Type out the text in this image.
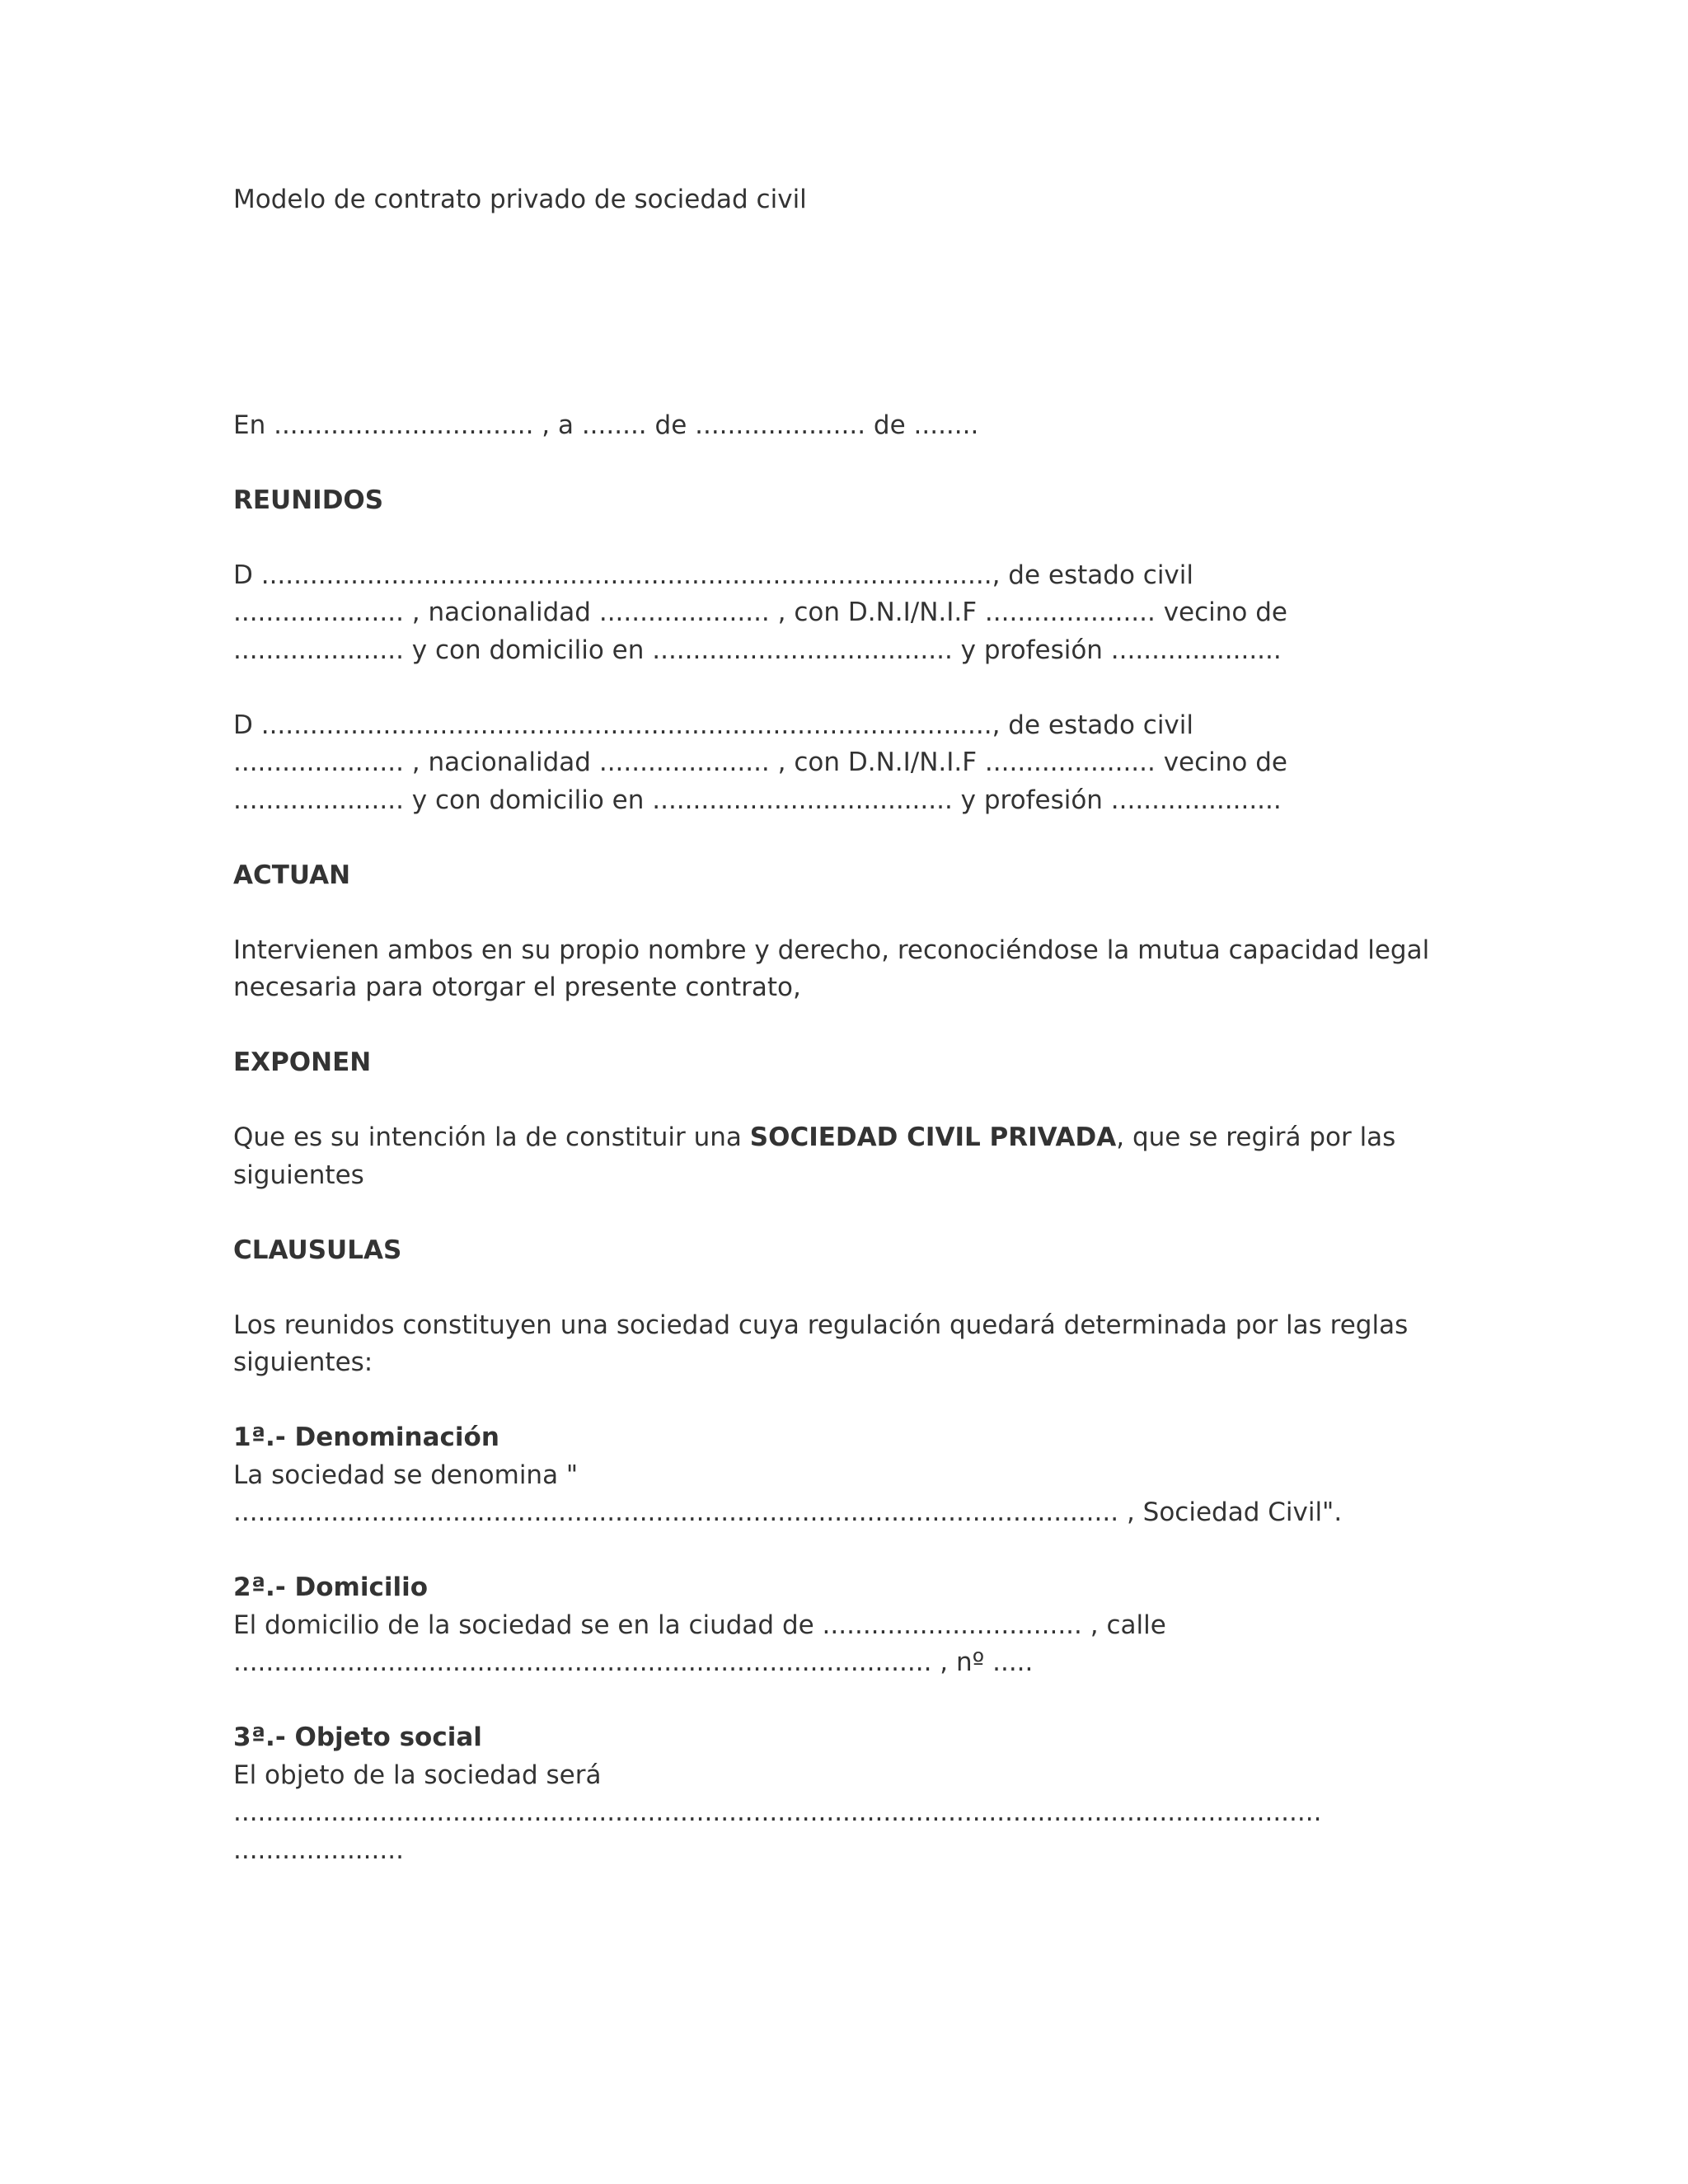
Modelo de contrato privado de sociedad civil

En ................................ , a ........ de ..................... de ........

REUNIDOS
D .........................................................................................., de estado civil
..................... , nacionalidad ..................... , con D.N.I/N.I.F ..................... vecino de
..................... y con domicilio en ..................................... y profesión .....................
D .........................................................................................., de estado civil
..................... , nacionalidad ..................... , con D.N.I/N.I.F ..................... vecino de
..................... y con domicilio en ..................................... y profesión .....................
ACTUAN
Intervienen ambos en su propio nombre y derecho, reconociéndose la mutua capacidad legal
necesaria para otorgar el presente contrato,
EXPONEN
Que es su intención la de constituir una SOCIEDAD CIVIL PRIVADA, que se regirá por las
siguientes
CLAUSULAS
Los reunidos constituyen una sociedad cuya regulación quedará determinada por las reglas
siguientes:
1ª.- Denominación
La sociedad se denomina "
............................................................................................................. , Sociedad Civil".
2ª.- Domicilio
El domicilio de la sociedad se en la ciudad de ................................ , calle
...................................................................................... , nº .....
3ª.- Objeto social
El objeto de la sociedad será
......................................................................................................................................
.....................
